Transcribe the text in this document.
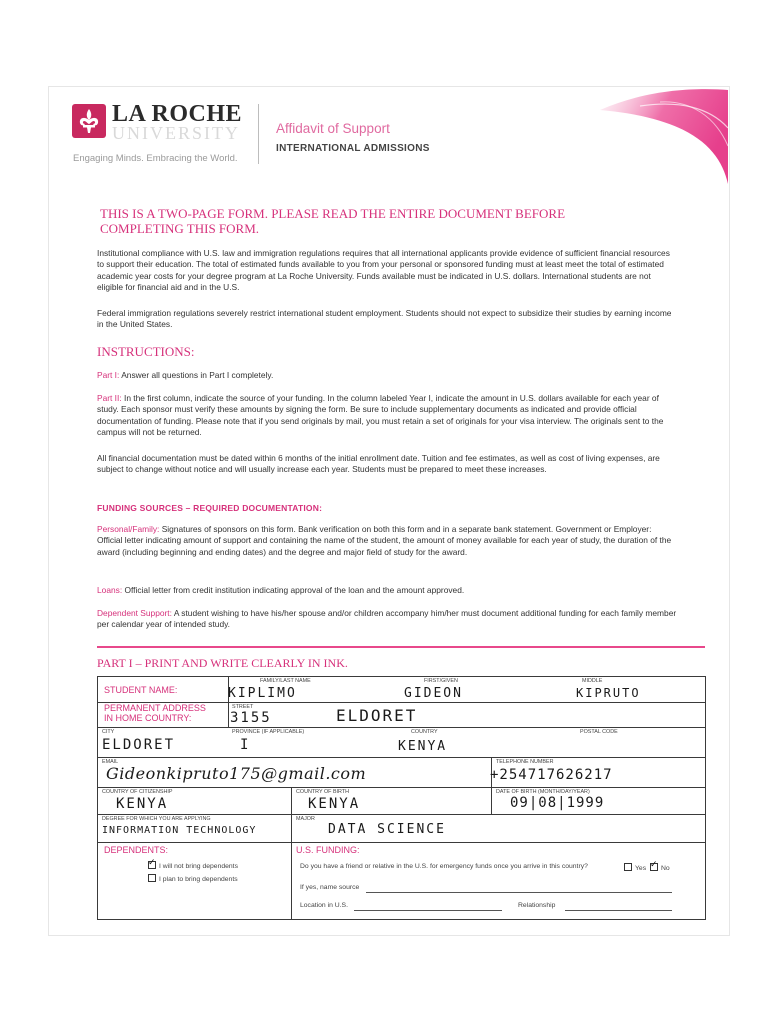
LA ROCHE
UNIVERSITY
Engaging Minds. Embracing the World.
Affidavit of Support
INTERNATIONAL ADMISSIONS
THIS IS A TWO-PAGE FORM. PLEASE READ THE ENTIRE DOCUMENT BEFORE COMPLETING THIS FORM.
Institutional compliance with U.S. law and immigration regulations requires that all international applicants provide evidence of sufficient financial resources to support their education. The total of estimated funds available to you from your personal or sponsored funding must at least meet the total of estimated academic year costs for your degree program at La Roche University. Funds available must be indicated in U.S. dollars. International students are not eligible for financial aid and in the U.S.
Federal immigration regulations severely restrict international student employment. Students should not expect to subsidize their studies by earning income in the United States.
INSTRUCTIONS:
Part I: Answer all questions in Part I completely.
Part II: In the first column, indicate the source of your funding. In the column labeled Year I, indicate the amount in U.S. dollars available for each year of study. Each sponsor must verify these amounts by signing the form. Be sure to include supplementary documents as indicated and provide official documentation of funding. Please note that if you send originals by mail, you must retain a set of originals for your visa interview. The originals sent to the campus will not be returned.
All financial documentation must be dated within 6 months of the initial enrollment date. Tuition and fee estimates, as well as cost of living expenses, are subject to change without notice and will usually increase each year. Students must be prepared to meet these increases.
FUNDING SOURCES – REQUIRED DOCUMENTATION:
Personal/Family: Signatures of sponsors on this form. Bank verification on both this form and in a separate bank statement. Government or Employer: Official letter indicating amount of support and containing the name of the student, the amount of money available for each year of study, the duration of the award (including beginning and ending dates) and the degree and major field of study for the award.
Loans: Official letter from credit institution indicating approval of the loan and the amount approved.
Dependent Support: A student wishing to have his/her spouse and/or children accompany him/her must document additional funding for each family member per calendar year of intended study.
PART I – PRINT AND WRITE CLEARLY IN INK.
STUDENT NAME:
FAMILY/LAST NAME	FIRST/GIVEN	MIDDLE
KIPLIMO	GIDEON	KIPRUTO
PERMANENT ADDRESS
IN HOME COUNTRY:
STREET
3155	ELDORET
CITY	PROVINCE (IF APPLICABLE)	COUNTRY	POSTAL CODE
ELDORET	I	KENYA
EMAIL	TELEPHONE NUMBER
Gideonkipruto175@gmail.com	+254717626217
COUNTRY OF CITIZENSHIP	COUNTRY OF BIRTH	DATE OF BIRTH (MONTH/DAY/YEAR)
KENYA	KENYA	09|08|1999
DEGREE FOR WHICH YOU ARE APPLYING	MAJOR
INFORMATION TECHNOLOGY	DATA SCIENCE
DEPENDENTS:
✓I will not bring dependents
I plan to bring dependents
U.S. FUNDING:
Do you have a friend or relative in the U.S. for emergency funds once you arrive in this country?	Yes
✓	No
If yes, name source
Location in U.S.	Relationship
